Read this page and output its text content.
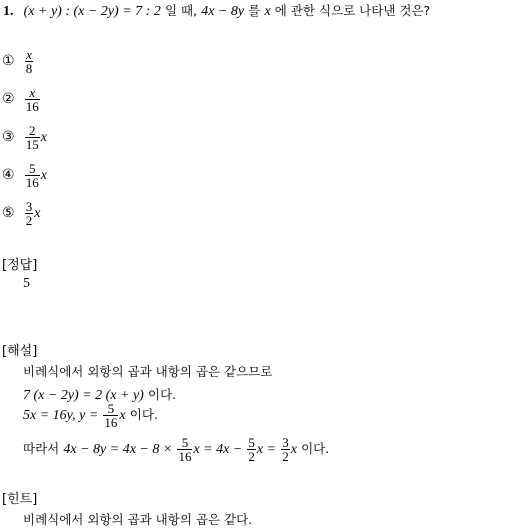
1. (x + y) : (x − 2y) = 7 : 2 일 때, 4x − 8y 를 x 에 관한 식으로 나타낸 것은?
① $\frac{x}{8}$
② $\frac{x}{16}$
③ $\frac{2}{15}$ x
④ $\frac{5}{16}$ x
⑤ $\frac{3}{2}$ x
[정답]
5
[해설]
비례식에서 외항의 곱과 내항의 곱은 같으므로
7 (x − 2y) = 2 (x + y) 이다.
5x = 16y, $y = \frac{5}{16}$ x 이다.
따라서 $4x - 8y = 4x - 8 \times \frac{5}{16}$ $x = 4x - \frac{5}{2}$ $x = \frac{3}{2}$ x 이다.
[힌트]
비례식에서 외항의 곱과 내항의 곱은 같다.
